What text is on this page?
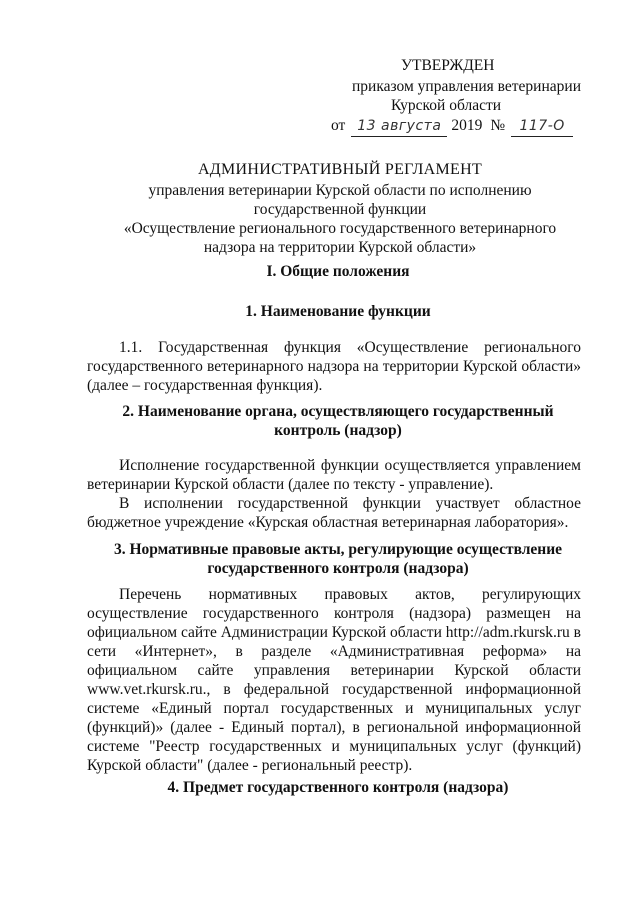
УТВЕРЖДЕН
приказом управления ветеринарии
Курской области
от 13 августа 2019 №	117-О
АДМИНИСТРАТИВНЫЙ РЕГЛАМЕНТ
управления ветеринарии Курской области по исполнению
государственной функции
«Осуществление регионального государственного ветеринарного
надзора на территории Курской области»
I. Общие положения
1. Наименование функции

1.1. Государственная функция «Осуществление регионального государственного ветеринарного надзора на территории Курской области» (далее – государственная функция).

2. Наименование органа, осуществляющего государственный
контроль (надзор)

Исполнение государственной функции осуществляется управлением ветеринарии Курской области (далее по тексту - управление).

В исполнении государственной функции участвует областное бюджетное учреждение «Курская областная ветеринарная лаборатория».

3. Нормативные правовые акты, регулирующие осуществление
государственного контроля (надзора)

Перечень нормативных правовых актов, регулирующих осуществление государственного контроля (надзора) размещен на официальном сайте Администрации Курской области http://adm.rkursk.ru в сети «Интернет», в разделе «Административная реформа» на официальном сайте управления ветеринарии Курской области www.vet.rkursk.ru., в федеральной государственной информационной системе «Единый портал государственных и муниципальных услуг (функций)» (далее - Единый портал), в региональной информационной системе "Реестр государственных и муниципальных услуг (функций) Курской области" (далее - региональный реестр).

4. Предмет государственного контроля (надзора)
